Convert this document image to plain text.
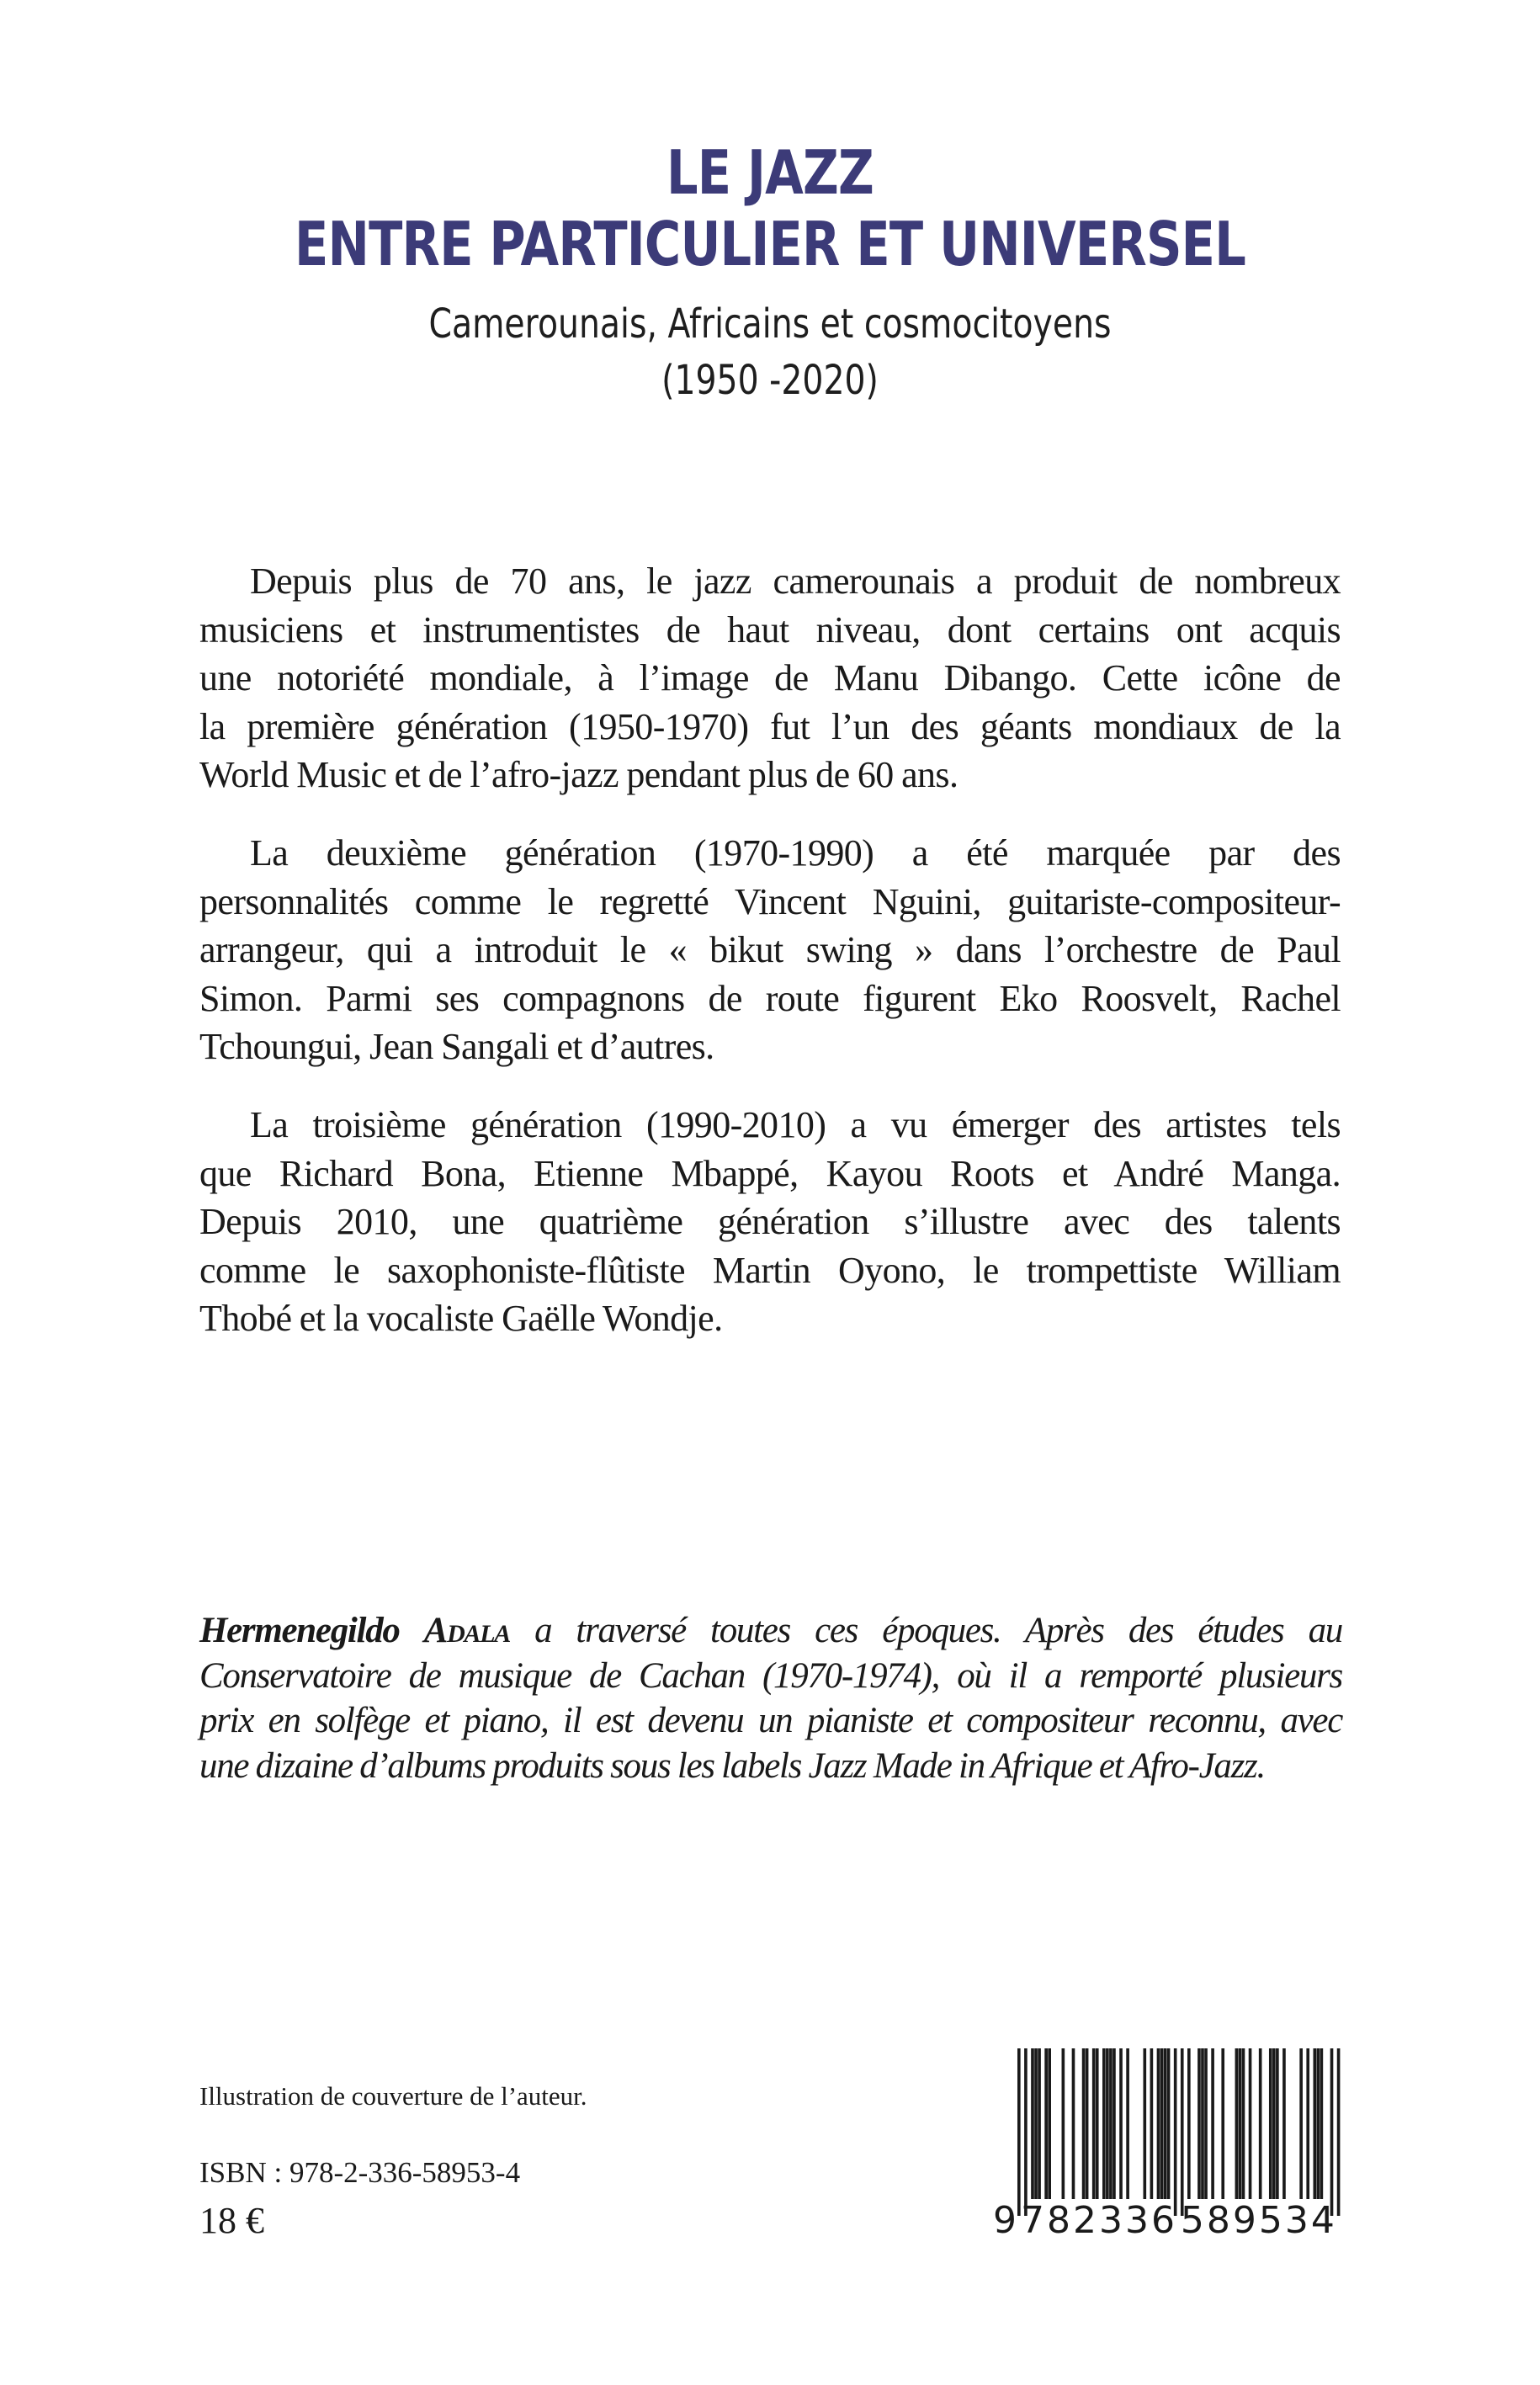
LE JAZZ
ENTRE PARTICULIER ET UNIVERSEL
Camerounais, Africains et cosmocitoyens
(1950 -2020)
Depuis plus de 70 ans, le jazz camerounais a produit de nombreux
musiciens et instrumentistes de haut niveau, dont certains ont acquis
une notoriété mondiale, à l’image de Manu Dibango. Cette icône de
la première génération (1950-1970) fut l’un des géants mondiaux de la
World Music et de l’afro-jazz pendant plus de 60 ans.
La deuxième génération (1970-1990) a été marquée par des
personnalités comme le regretté Vincent Nguini, guitariste-compositeur-
arrangeur, qui a introduit le « bikut swing » dans l’orchestre de Paul
Simon. Parmi ses compagnons de route figurent Eko Roosvelt, Rachel
Tchoungui, Jean Sangali et d’autres.
La troisième génération (1990-2010) a vu émerger des artistes tels
que Richard Bona, Etienne Mbappé, Kayou Roots et André Manga.
Depuis 2010, une quatrième génération s’illustre avec des talents
comme le saxophoniste-flûtiste Martin Oyono, le trompettiste William
Thobé et la vocaliste Gaëlle Wondje.
Hermenegildo Adala a traversé toutes ces époques. Après des études au
Conservatoire de musique de Cachan (1970-1974), où il a remporté plusieurs
prix en solfège et piano, il est devenu un pianiste et compositeur reconnu, avec
une dizaine d’albums produits sous les labels Jazz Made in Afrique et Afro-Jazz.
Illustration de couverture de l’auteur.
ISBN : 978-2-336-58953-4
18 €	9 782336 589534
